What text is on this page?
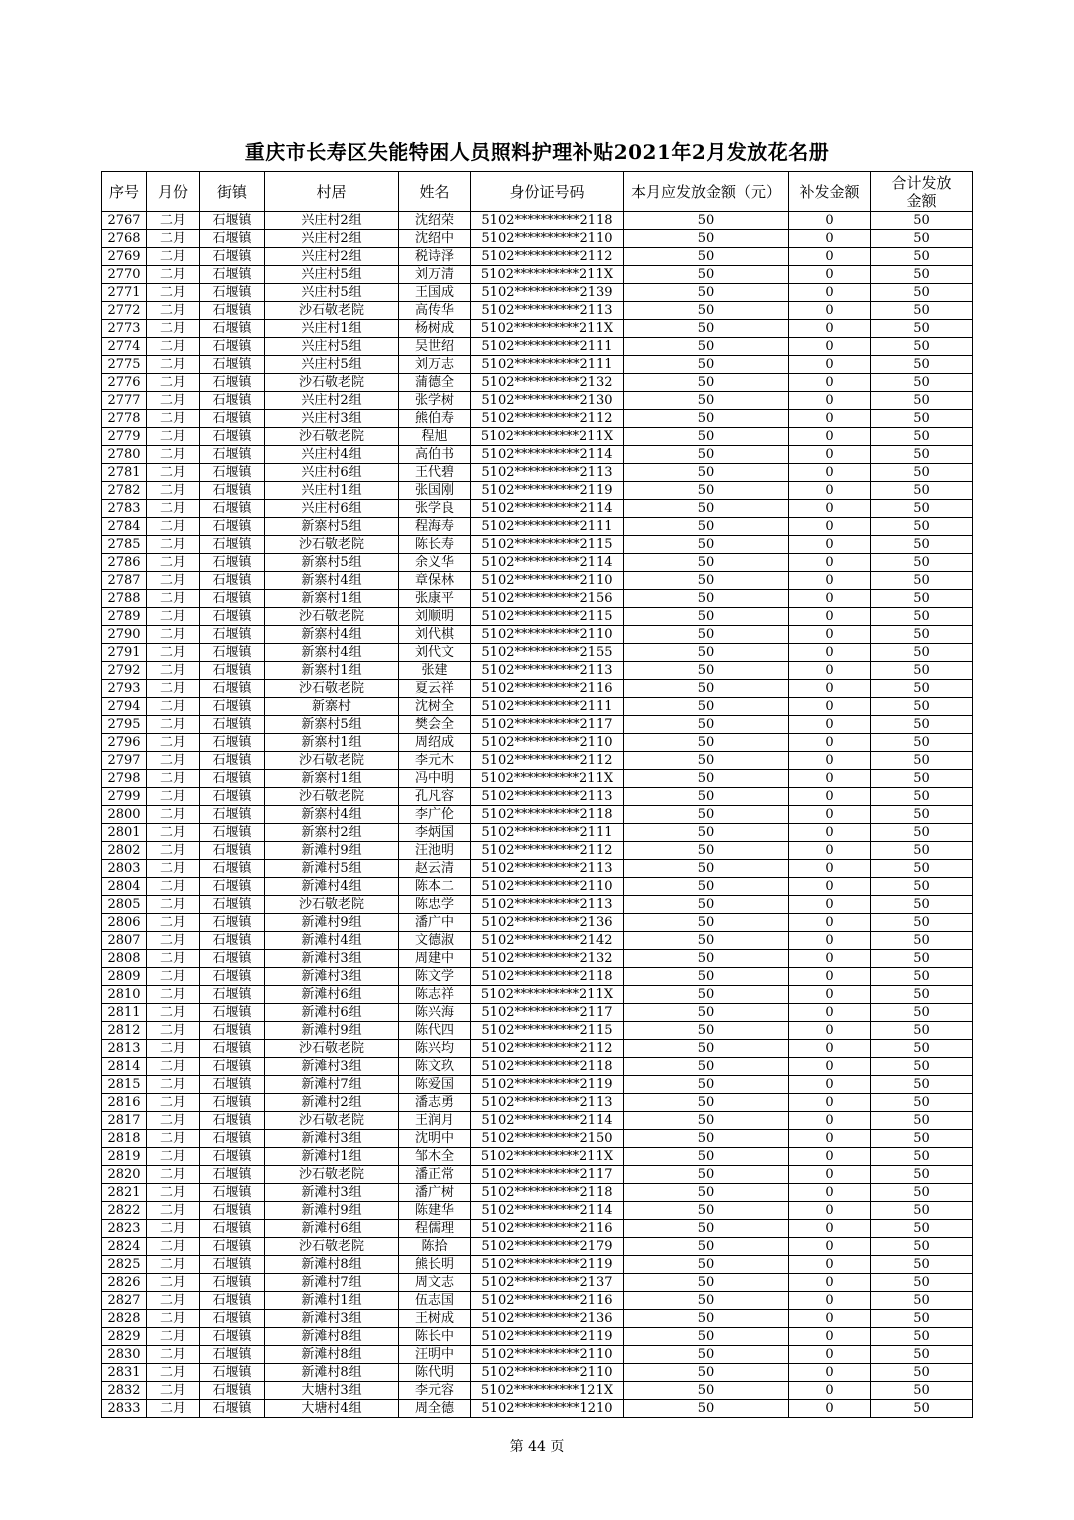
重庆市长寿区失能特困人员照料护理补贴2021年2月发放花名册
序号	月份	街镇	村居	姓名	身份证号码	本月应发放金额（元）	补发金额	合计发放金额
2767	二月	石堰镇	兴庄村2组	沈绍荣	5102**********2118	50	0	50
2768	二月	石堰镇	兴庄村2组	沈绍中	5102**********2110	50	0	50
2769	二月	石堰镇	兴庄村2组	税诗泽	5102**********2112	50	0	50
2770	二月	石堰镇	兴庄村5组	刘万清	5102**********211X	50	0	50
2771	二月	石堰镇	兴庄村5组	王国成	5102**********2139	50	0	50
2772	二月	石堰镇	沙石敬老院	高传华	5102**********2113	50	0	50
2773	二月	石堰镇	兴庄村1组	杨树成	5102**********211X	50	0	50
2774	二月	石堰镇	兴庄村5组	吴世绍	5102**********2111	50	0	50
2775	二月	石堰镇	兴庄村5组	刘万志	5102**********2111	50	0	50
2776	二月	石堰镇	沙石敬老院	蒲德全	5102**********2132	50	0	50
2777	二月	石堰镇	兴庄村2组	张学树	5102**********2130	50	0	50
2778	二月	石堰镇	兴庄村3组	熊伯寿	5102**********2112	50	0	50
2779	二月	石堰镇	沙石敬老院	程旭	5102**********211X	50	0	50
2780	二月	石堰镇	兴庄村4组	高伯书	5102**********2114	50	0	50
2781	二月	石堰镇	兴庄村6组	王代碧	5102**********2113	50	0	50
2782	二月	石堰镇	兴庄村1组	张国刚	5102**********2119	50	0	50
2783	二月	石堰镇	兴庄村6组	张学良	5102**********2114	50	0	50
2784	二月	石堰镇	新寨村5组	程海寿	5102**********2111	50	0	50
2785	二月	石堰镇	沙石敬老院	陈长寿	5102**********2115	50	0	50
2786	二月	石堰镇	新寨村5组	余义华	5102**********2114	50	0	50
2787	二月	石堰镇	新寨村4组	章保林	5102**********2110	50	0	50
2788	二月	石堰镇	新寨村1组	张康平	5102**********2156	50	0	50
2789	二月	石堰镇	沙石敬老院	刘顺明	5102**********2115	50	0	50
2790	二月	石堰镇	新寨村4组	刘代棋	5102**********2110	50	0	50
2791	二月	石堰镇	新寨村4组	刘代文	5102**********2155	50	0	50
2792	二月	石堰镇	新寨村1组	张建	5102**********2113	50	0	50
2793	二月	石堰镇	沙石敬老院	夏云祥	5102**********2116	50	0	50
2794	二月	石堰镇	新寨村	沈树全	5102**********2111	50	0	50
2795	二月	石堰镇	新寨村5组	樊会全	5102**********2117	50	0	50
2796	二月	石堰镇	新寨村1组	周绍成	5102**********2110	50	0	50
2797	二月	石堰镇	沙石敬老院	李元木	5102**********2112	50	0	50
2798	二月	石堰镇	新寨村1组	冯中明	5102**********211X	50	0	50
2799	二月	石堰镇	沙石敬老院	孔凡容	5102**********2113	50	0	50
2800	二月	石堰镇	新寨村4组	李广伦	5102**********2118	50	0	50
2801	二月	石堰镇	新寨村2组	李炳国	5102**********2111	50	0	50
2802	二月	石堰镇	新滩村9组	汪池明	5102**********2112	50	0	50
2803	二月	石堰镇	新滩村5组	赵云清	5102**********2113	50	0	50
2804	二月	石堰镇	新滩村4组	陈本二	5102**********2110	50	0	50
2805	二月	石堰镇	沙石敬老院	陈忠学	5102**********2113	50	0	50
2806	二月	石堰镇	新滩村9组	潘广中	5102**********2136	50	0	50
2807	二月	石堰镇	新滩村4组	文德淑	5102**********2142	50	0	50
2808	二月	石堰镇	新滩村3组	周建中	5102**********2132	50	0	50
2809	二月	石堰镇	新滩村3组	陈文学	5102**********2118	50	0	50
2810	二月	石堰镇	新滩村6组	陈志祥	5102**********211X	50	0	50
2811	二月	石堰镇	新滩村6组	陈兴海	5102**********2117	50	0	50
2812	二月	石堰镇	新滩村9组	陈代四	5102**********2115	50	0	50
2813	二月	石堰镇	沙石敬老院	陈兴均	5102**********2112	50	0	50
2814	二月	石堰镇	新滩村3组	陈文玖	5102**********2118	50	0	50
2815	二月	石堰镇	新滩村7组	陈爱国	5102**********2119	50	0	50
2816	二月	石堰镇	新滩村2组	潘志勇	5102**********2113	50	0	50
2817	二月	石堰镇	沙石敬老院	王润月	5102**********2114	50	0	50
2818	二月	石堰镇	新滩村3组	沈明中	5102**********2150	50	0	50
2819	二月	石堰镇	新滩村1组	邹木全	5102**********211X	50	0	50
2820	二月	石堰镇	沙石敬老院	潘正常	5102**********2117	50	0	50
2821	二月	石堰镇	新滩村3组	潘广树	5102**********2118	50	0	50
2822	二月	石堰镇	新滩村9组	陈建华	5102**********2114	50	0	50
2823	二月	石堰镇	新滩村6组	程儒理	5102**********2116	50	0	50
2824	二月	石堰镇	沙石敬老院	陈拾	5102**********2179	50	0	50
2825	二月	石堰镇	新滩村8组	熊长明	5102**********2119	50	0	50
2826	二月	石堰镇	新滩村7组	周文志	5102**********2137	50	0	50
2827	二月	石堰镇	新滩村1组	伍志国	5102**********2116	50	0	50
2828	二月	石堰镇	新滩村3组	王树成	5102**********2136	50	0	50
2829	二月	石堰镇	新滩村8组	陈长中	5102**********2119	50	0	50
2830	二月	石堰镇	新滩村8组	汪明中	5102**********2110	50	0	50
2831	二月	石堰镇	新滩村8组	陈代明	5102**********2110	50	0	50
2832	二月	石堰镇	大塘村3组	李元容	5102**********121X	50	0	50
2833	二月	石堰镇	大塘村4组	周全德	5102**********1210	50	0	50
第 44 页
